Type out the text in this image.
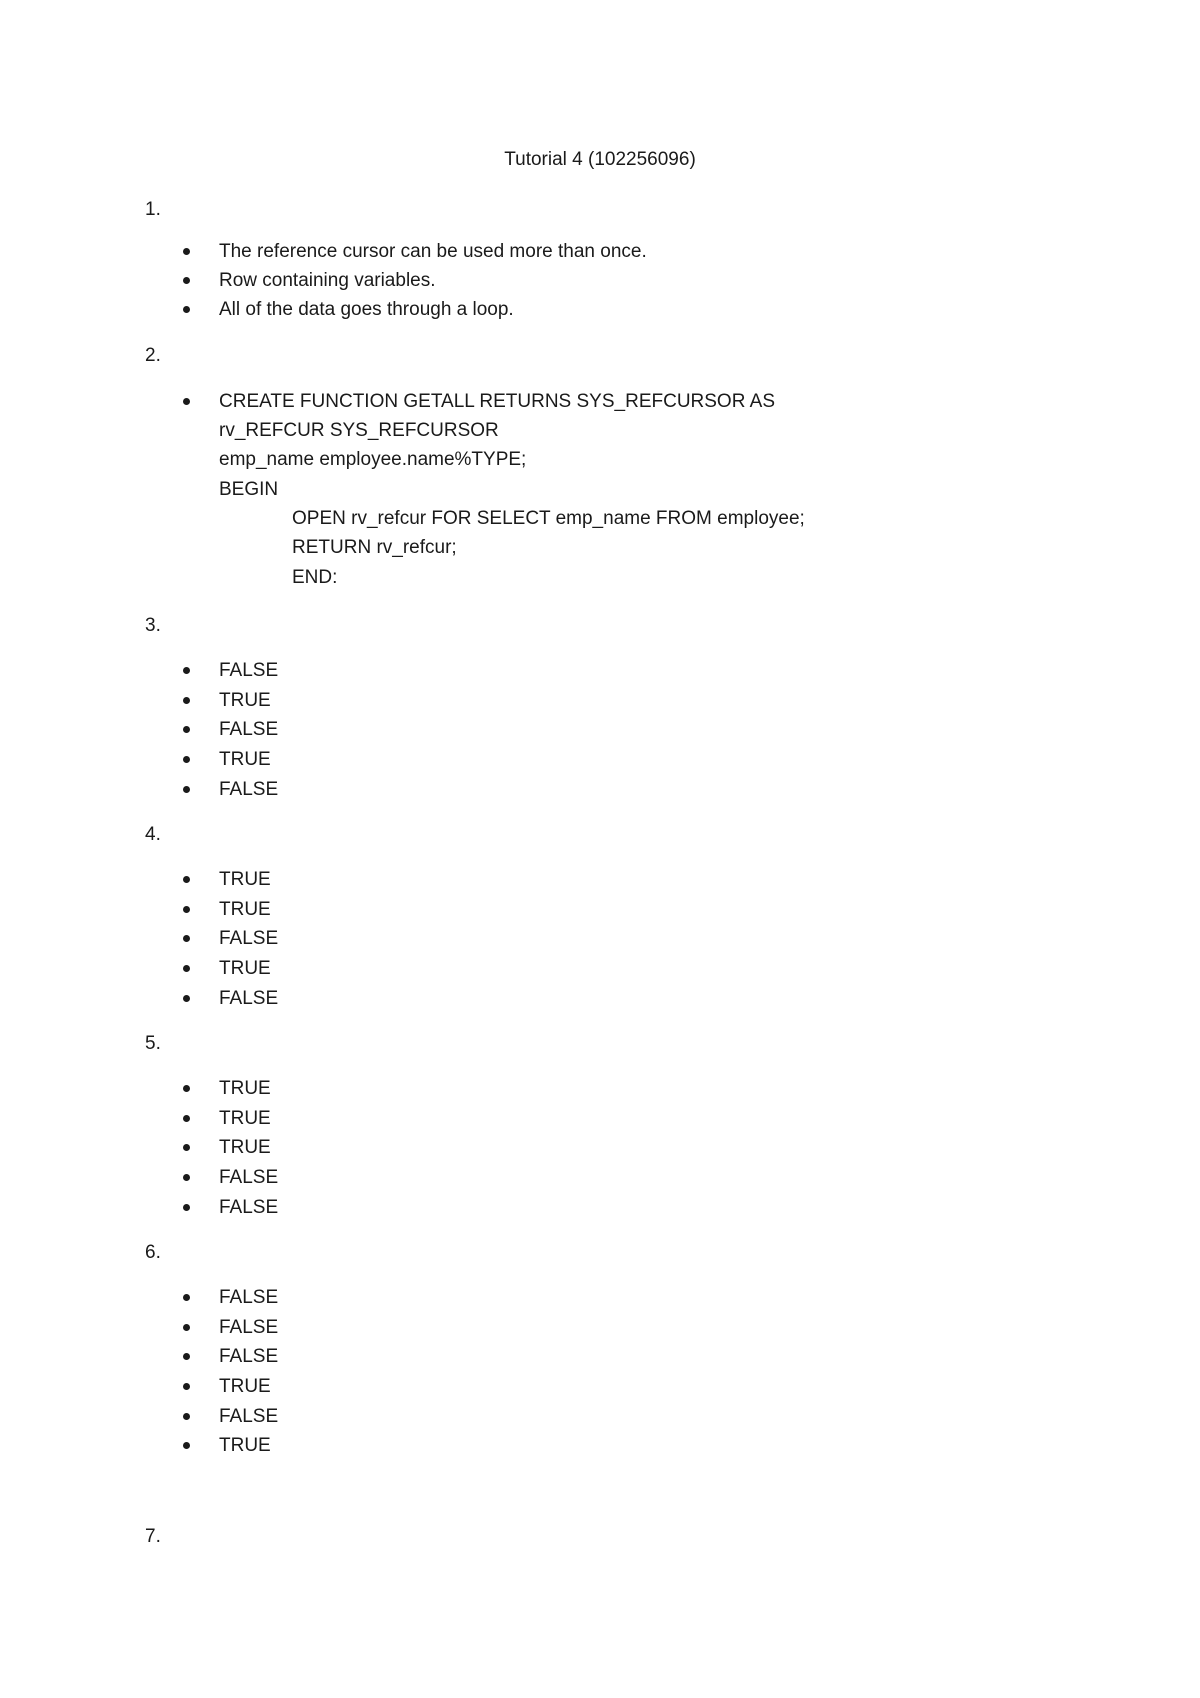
Tutorial 4 (102256096)
1.
The reference cursor can be used more than once.
Row containing variables.
All of the data goes through a loop.
2.
CREATE FUNCTION GETALL RETURNS SYS_REFCURSOR AS
rv_REFCUR SYS_REFCURSOR
emp_name employee.name%TYPE;
BEGIN
OPEN rv_refcur FOR SELECT emp_name FROM employee;
RETURN rv_refcur;
END:
3.
FALSE
TRUE
FALSE
TRUE
FALSE
4.
TRUE
TRUE
FALSE
TRUE
FALSE
5.
TRUE
TRUE
TRUE
FALSE
FALSE
6.
FALSE
FALSE
FALSE
TRUE
FALSE
TRUE
7.
